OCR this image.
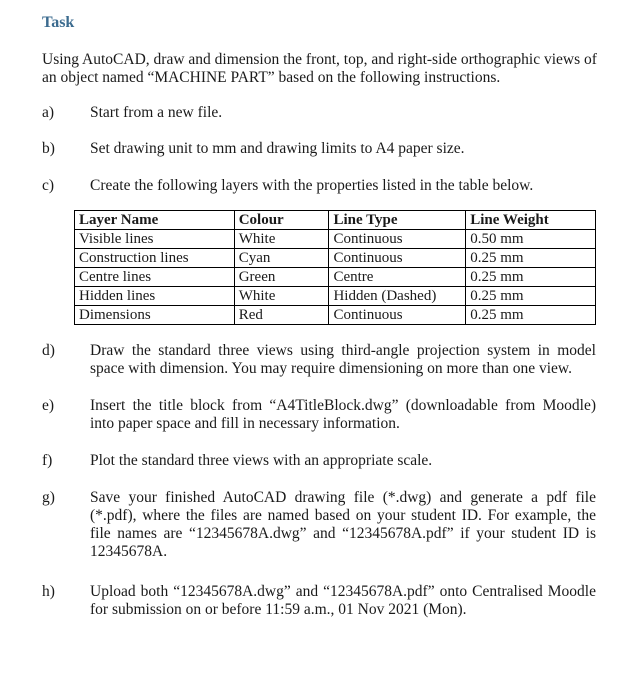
Task
Using AutoCAD, draw and dimension the front, top, and right-side orthographic views of an object named “MACHINE PART” based on the following instructions.
a) Start from a new file.
b) Set drawing unit to mm and drawing limits to A4 paper size.
c) Create the following layers with the properties listed in the table below.
Layer Name	Colour	Line Type	Line Weight
Visible lines	White	Continuous	0.50 mm
Construction lines	Cyan	Continuous	0.25 mm
Centre lines	Green	Centre	0.25 mm
Hidden lines	White	Hidden (Dashed)	0.25 mm
Dimensions	Red	Continuous	0.25 mm
d) Draw the standard three views using third-angle projection system in model space with dimension. You may require dimensioning on more than one view.
e) Insert the title block from “A4TitleBlock.dwg” (downloadable from Moodle) into paper space and fill in necessary information.
f) Plot the standard three views with an appropriate scale.
g) Save your finished AutoCAD drawing file (*.dwg) and generate a pdf file (*.pdf), where the files are named based on your student ID. For example, the file names are “12345678A.dwg” and “12345678A.pdf” if your student ID is 12345678A.
h) Upload both “12345678A.dwg” and “12345678A.pdf” onto Centralised Moodle for submission on or before 11:59 a.m., 01 Nov 2021 (Mon).
